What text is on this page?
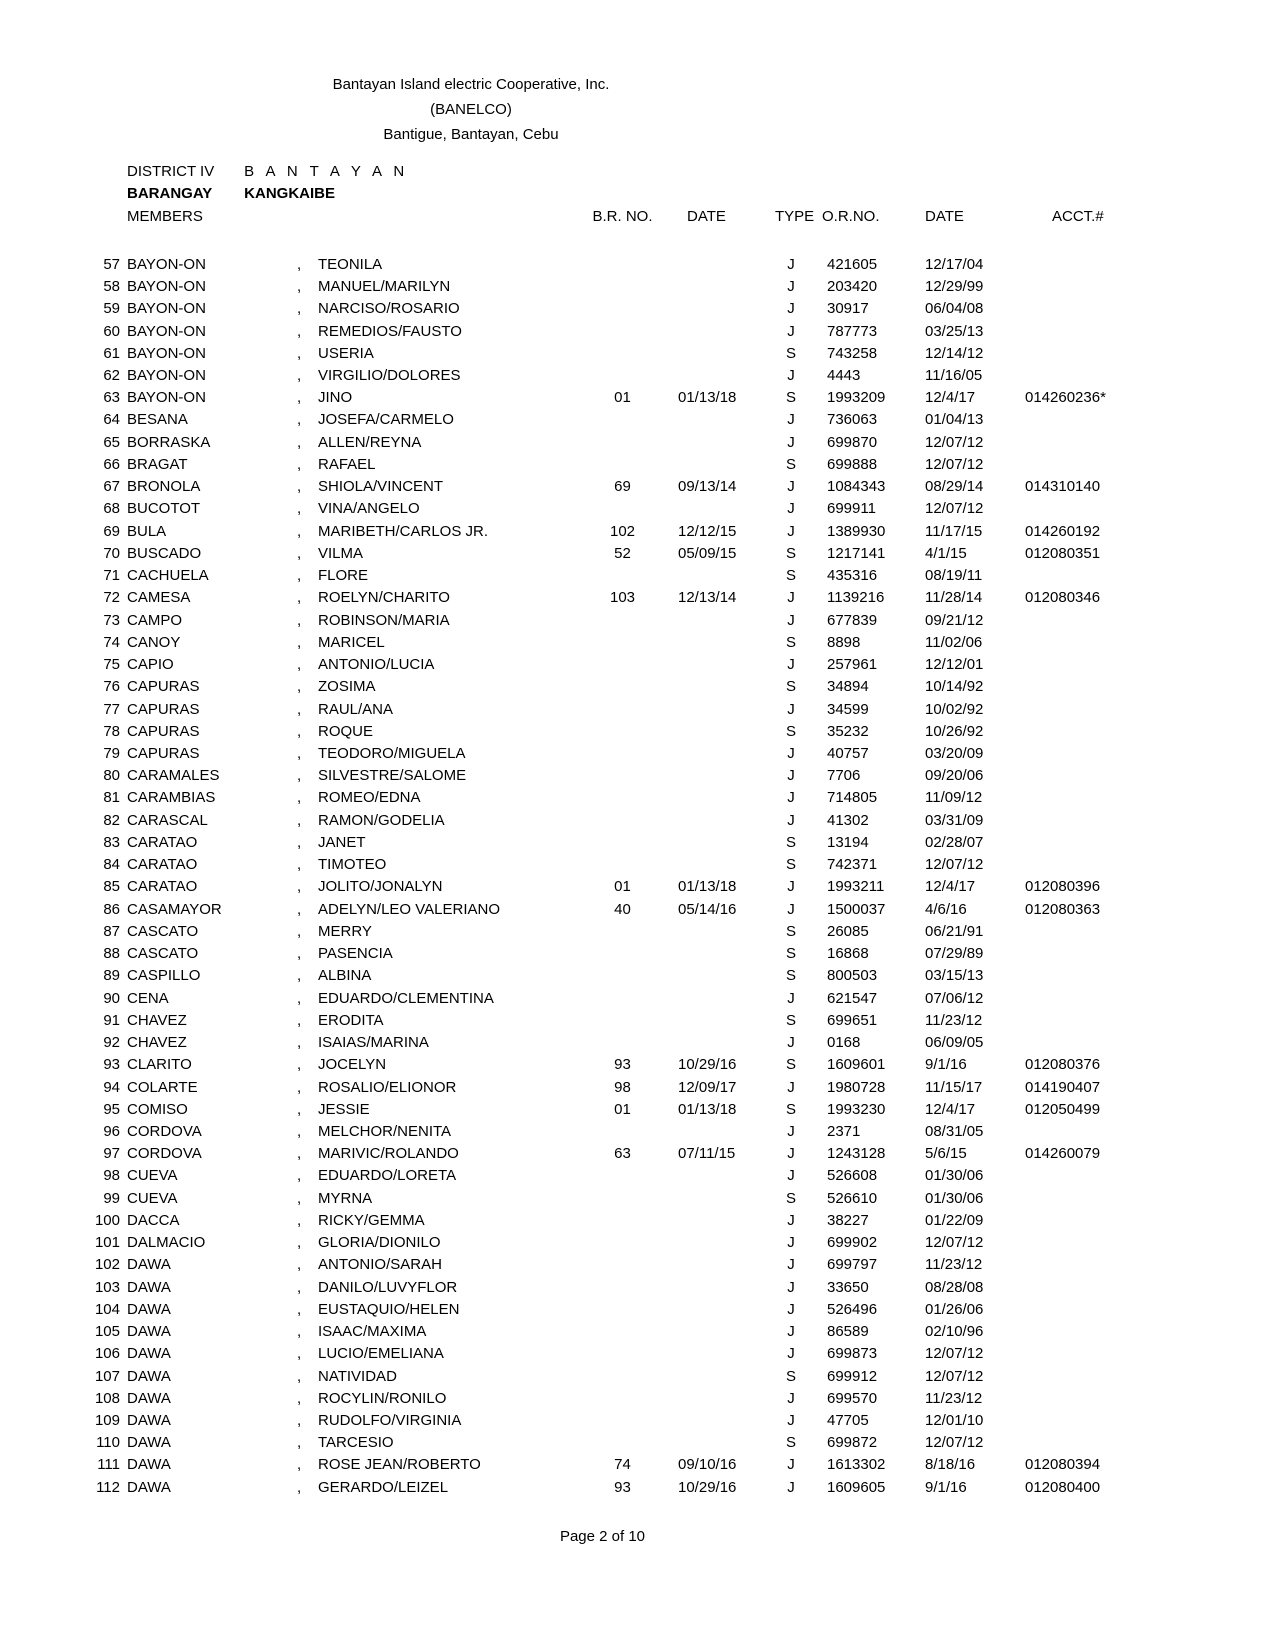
Bantayan Island electric Cooperative, Inc.
(BANELCO)
Bantigue, Bantayan, Cebu
DISTRICT IV B A N T A Y A N
BARANGAY KANGKAIBE
	MEMBERS			B.R. NO.	DATE	TYPE	O.R.NO.	DATE	ACCT.#

57	BAYON-ON	,	TEONILA			J	421605	12/17/04	
58	BAYON-ON	,	MANUEL/MARILYN			J	203420	12/29/99	
59	BAYON-ON	,	NARCISO/ROSARIO			J	30917	06/04/08	
60	BAYON-ON	,	REMEDIOS/FAUSTO			J	787773	03/25/13	
61	BAYON-ON	,	USERIA			S	743258	12/14/12	
62	BAYON-ON	,	VIRGILIO/DOLORES			J	4443	11/16/05	
63	BAYON-ON	,	JINO	01	01/13/18	S	1993209	12/4/17	014260236*
64	BESANA	,	JOSEFA/CARMELO			J	736063	01/04/13	
65	BORRASKA	,	ALLEN/REYNA			J	699870	12/07/12	
66	BRAGAT	,	RAFAEL			S	699888	12/07/12	
67	BRONOLA	,	SHIOLA/VINCENT	69	09/13/14	J	1084343	08/29/14	014310140
68	BUCOTOT	,	VINA/ANGELO			J	699911	12/07/12	
69	BULA	,	MARIBETH/CARLOS JR.	102	12/12/15	J	1389930	11/17/15	014260192
70	BUSCADO	,	VILMA	52	05/09/15	S	1217141	4/1/15	012080351
71	CACHUELA	,	FLORE			S	435316	08/19/11	
72	CAMESA	,	ROELYN/CHARITO	103	12/13/14	J	1139216	11/28/14	012080346
73	CAMPO	,	ROBINSON/MARIA			J	677839	09/21/12	
74	CANOY	,	MARICEL			S	8898	11/02/06	
75	CAPIO	,	ANTONIO/LUCIA			J	257961	12/12/01	
76	CAPURAS	,	ZOSIMA			S	34894	10/14/92	
77	CAPURAS	,	RAUL/ANA			J	34599	10/02/92	
78	CAPURAS	,	ROQUE			S	35232	10/26/92	
79	CAPURAS	,	TEODORO/MIGUELA			J	40757	03/20/09	
80	CARAMALES	,	SILVESTRE/SALOME			J	7706	09/20/06	
81	CARAMBIAS	,	ROMEO/EDNA			J	714805	11/09/12	
82	CARASCAL	,	RAMON/GODELIA			J	41302	03/31/09	
83	CARATAO	,	JANET			S	13194	02/28/07	
84	CARATAO	,	TIMOTEO			S	742371	12/07/12	
85	CARATAO	,	JOLITO/JONALYN	01	01/13/18	J	1993211	12/4/17	012080396
86	CASAMAYOR	,	ADELYN/LEO VALERIANO	40	05/14/16	J	1500037	4/6/16	012080363
87	CASCATO	,	MERRY			S	26085	06/21/91	
88	CASCATO	,	PASENCIA			S	16868	07/29/89	
89	CASPILLO	,	ALBINA			S	800503	03/15/13	
90	CENA	,	EDUARDO/CLEMENTINA			J	621547	07/06/12	
91	CHAVEZ	,	ERODITA			S	699651	11/23/12	
92	CHAVEZ	,	ISAIAS/MARINA			J	0168	06/09/05	
93	CLARITO	,	JOCELYN	93	10/29/16	S	1609601	9/1/16	012080376
94	COLARTE	,	ROSALIO/ELIONOR	98	12/09/17	J	1980728	11/15/17	014190407
95	COMISO	,	JESSIE	01	01/13/18	S	1993230	12/4/17	012050499
96	CORDOVA	,	MELCHOR/NENITA			J	2371	08/31/05	
97	CORDOVA	,	MARIVIC/ROLANDO	63	07/11/15	J	1243128	5/6/15	014260079
98	CUEVA	,	EDUARDO/LORETA			J	526608	01/30/06	
99	CUEVA	,	MYRNA			S	526610	01/30/06	
100	DACCA	,	RICKY/GEMMA			J	38227	01/22/09	
101	DALMACIO	,	GLORIA/DIONILO			J	699902	12/07/12	
102	DAWA	,	ANTONIO/SARAH			J	699797	11/23/12	
103	DAWA	,	DANILO/LUVYFLOR			J	33650	08/28/08	
104	DAWA	,	EUSTAQUIO/HELEN			J	526496	01/26/06	
105	DAWA	,	ISAAC/MAXIMA			J	86589	02/10/96	
106	DAWA	,	LUCIO/EMELIANA			J	699873	12/07/12	
107	DAWA	,	NATIVIDAD			S	699912	12/07/12	
108	DAWA	,	ROCYLIN/RONILO			J	699570	11/23/12	
109	DAWA	,	RUDOLFO/VIRGINIA			J	47705	12/01/10	
110	DAWA	,	TARCESIO			S	699872	12/07/12	
111	DAWA	,	ROSE JEAN/ROBERTO	74	09/10/16	J	1613302	8/18/16	012080394
112	DAWA	,	GERARDO/LEIZEL	93	10/29/16	J	1609605	9/1/16	012080400
Page 2 of 10
